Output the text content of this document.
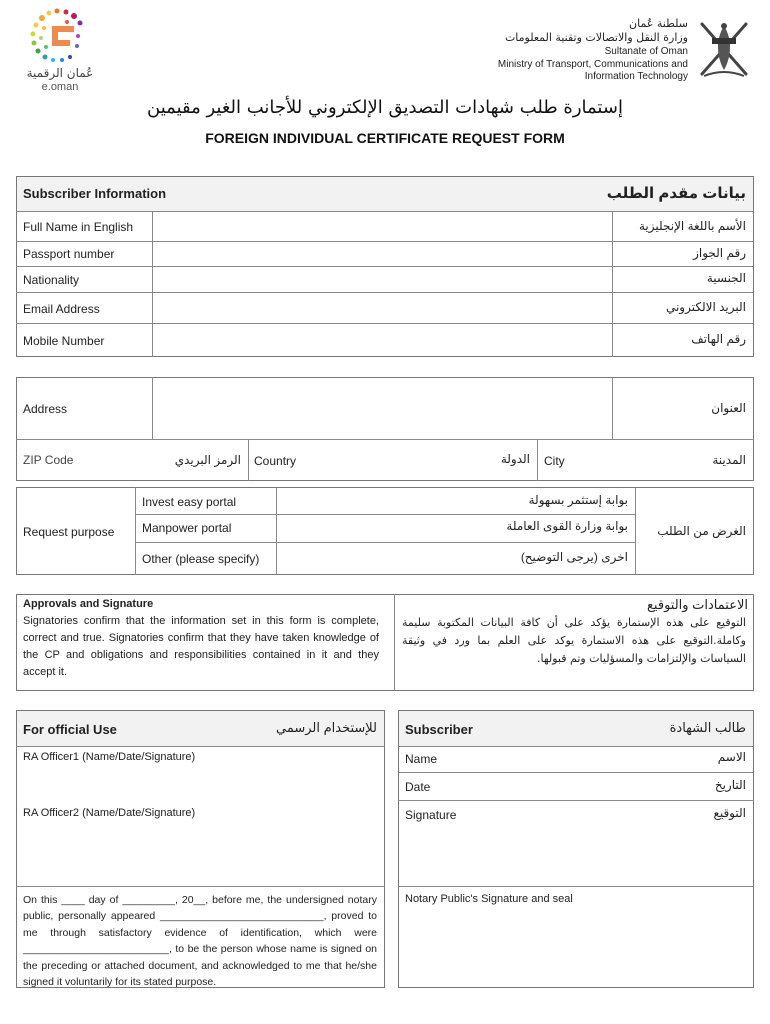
عُمان الرقمية
e.oman
سلطنة عُمان
وزارة النقل والاتصالات وتقنية المعلومات
Sultanate of Oman
Ministry of Transport, Communications and
Information Technology
إستمارة طلب شهادات التصديق الإلكتروني للأجانب الغير مقيمين
FOREIGN INDIVIDUAL CERTIFICATE REQUEST FORM
Subscriber Information	بيانات مقدم الطلب
Full Name in English	الأسم باللغة الإنجليزية
Passport number	رقم الجواز
Nationality	الجنسية
Email Address	البريد الالكتروني
Mobile Number	رقم الهاتف
Address	العنوان
ZIP Code	الرمز البريدي Country	الدولة City	المدينة
Request purpose	الغرض من الطلب
Invest easy portal	بوابة إستثمر بسهولة
Manpower portal	بوابة وزارة القوى العاملة
Other (please specify)	اخرى (يرجى التوضيح)
Approvals and Signature
Signatories confirm that the information set in this form is complete, correct and true. Signatories confirm that they have taken knowledge of the CP and obligations and responsibilities contained in it and they accept it.
الاعتمادات والتوقيع
التوقيع على هذه الإستمارة يؤكد على أن كافة البيانات المكتوبة سليمة وكاملة.التوقيع على هذه الاستمارة يوكد على العلم بما ورد في وثيقة السياسات والإلتزامات والمسؤليات وتم قبولها.
For official Use	للإستخدام الرسمي
RA Officer1 (Name/Date/Signature)
RA Officer2 (Name/Date/Signature)
On this ____ day of _________, 20__, before me, the undersigned notary public, personally appeared ____________________________, proved to me through satisfactory evidence of identification, which were _________________________, to be the person whose name is signed on the preceding or attached document, and acknowledged to me that he/she signed it voluntarily for its stated purpose.
Subscriber	طالب الشهادة
Name	الاسم
Date	التاريخ
Signature	التوقيع
Notary Public's Signature and seal
